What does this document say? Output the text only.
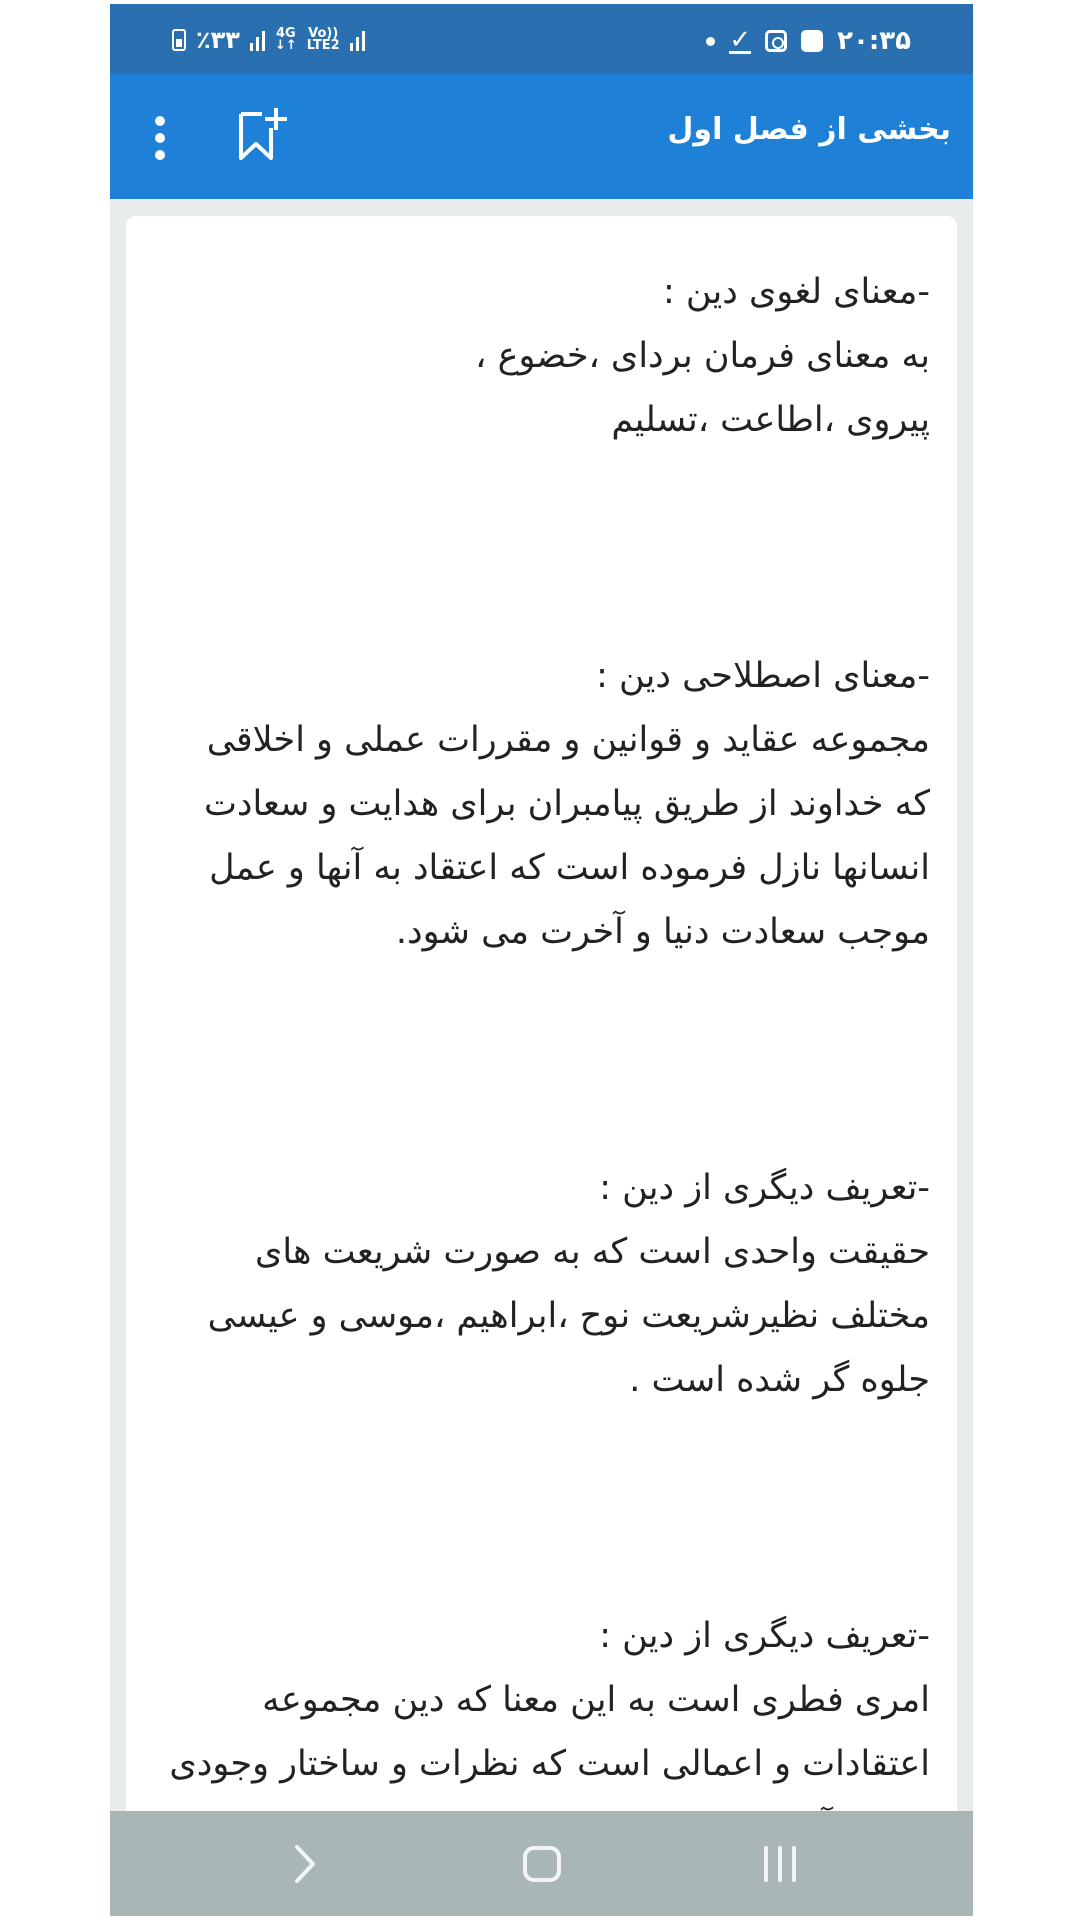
٪۳۳	4G
↓↑
Vo))
LTE2	✓	۲۰:۳۵
بخشی از فصل اول
-معنای لغوی دین :
به معنای فرمان بردای ،خضوع ،
پیروی ،اطاعت ،تسلیم

-معنای اصطلاحی دین :
مجموعه عقاید و قوانین و مقررات عملی و اخلاقی
که خداوند از طریق پیامبران برای هدایت و سعادت
انسانها نازل فرموده است که اعتقاد به آنها و عمل
موجب سعادت دنیا و آخرت می شود.

-تعریف دیگری از دین :
حقیقت واحدی است که به صورت شریعت های
مختلف نظیرشریعت نوح ،ابراهیم ،موسی و عیسی
جلوه گر شده است .

-تعریف دیگری از دین :
امری فطری است به این معنا که دین مجموعه
اعتقادات و اعمالی است که نظرات و ساختار وجودی
